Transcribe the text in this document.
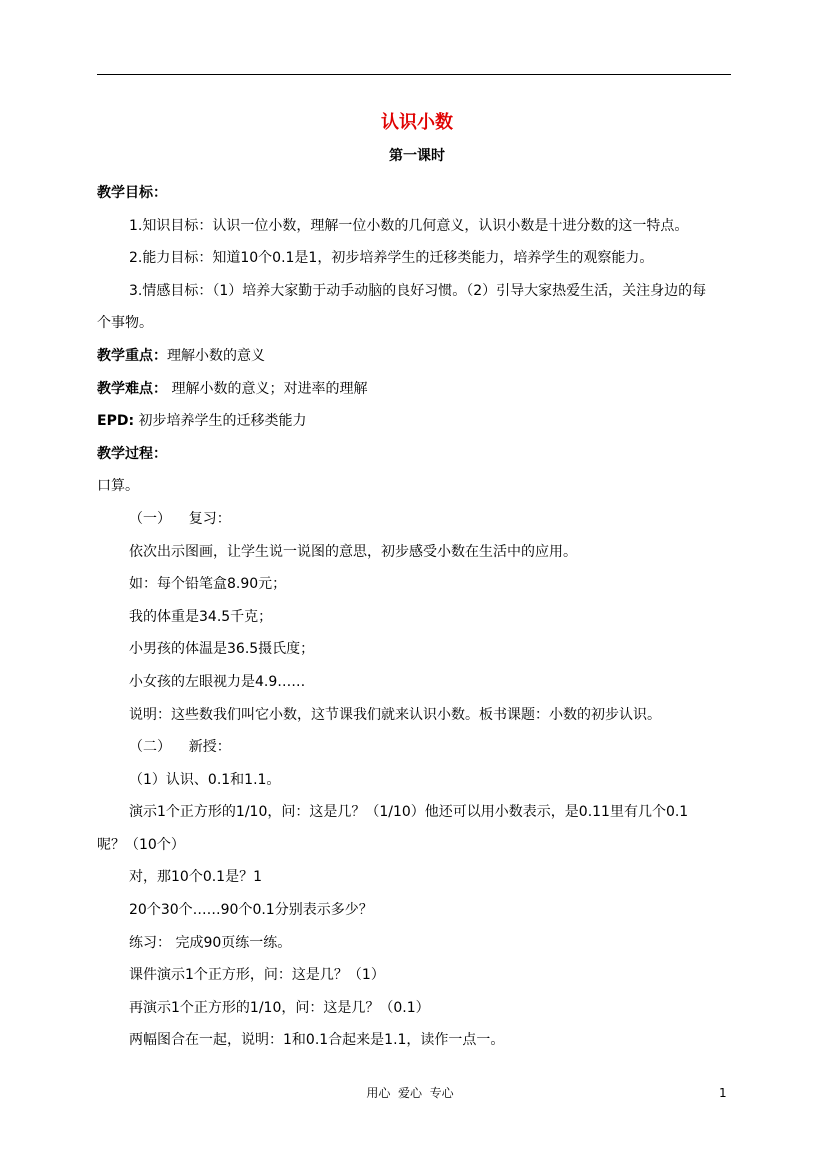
认识小数
第一课时
教学目标：
1.知识目标：认识一位小数，理解一位小数的几何意义，认识小数是十进分数的这一特点。
2.能力目标：知道10个0.1是1，初步培养学生的迁移类能力，培养学生的观察能力。
3.情感目标：（1）培养大家勤于动手动脑的良好习惯。（2）引导大家热爱生活，关注身边的每
个事物。
教学重点：理解小数的意义
教学难点： 理解小数的意义；对进率的理解
EPD: 初步培养学生的迁移类能力
教学过程：
口算。
（一）    复习：
依次出示图画，让学生说一说图的意思，初步感受小数在生活中的应用。
如：每个铅笔盒8.90元；
我的体重是34.5千克；
小男孩的体温是36.5摄氏度；
小女孩的左眼视力是4.9……
说明：这些数我们叫它小数，这节课我们就来认识小数。板书课题：小数的初步认识。
（二）    新授：
（1）认识、0.1和1.1。
演示1个正方形的1/10，问：这是几？（1/10）他还可以用小数表示，是0.11里有几个0.1
呢？（10个）
对，那10个0.1是？1
20个30个……90个0.1分别表示多少？
练习： 完成90页练一练。
课件演示1个正方形，问：这是几？（1）
再演示1个正方形的1/10，问：这是几？（0.1）
两幅图合在一起，说明：1和0.1合起来是1.1，读作一点一。
用心  爱心  专心	1
